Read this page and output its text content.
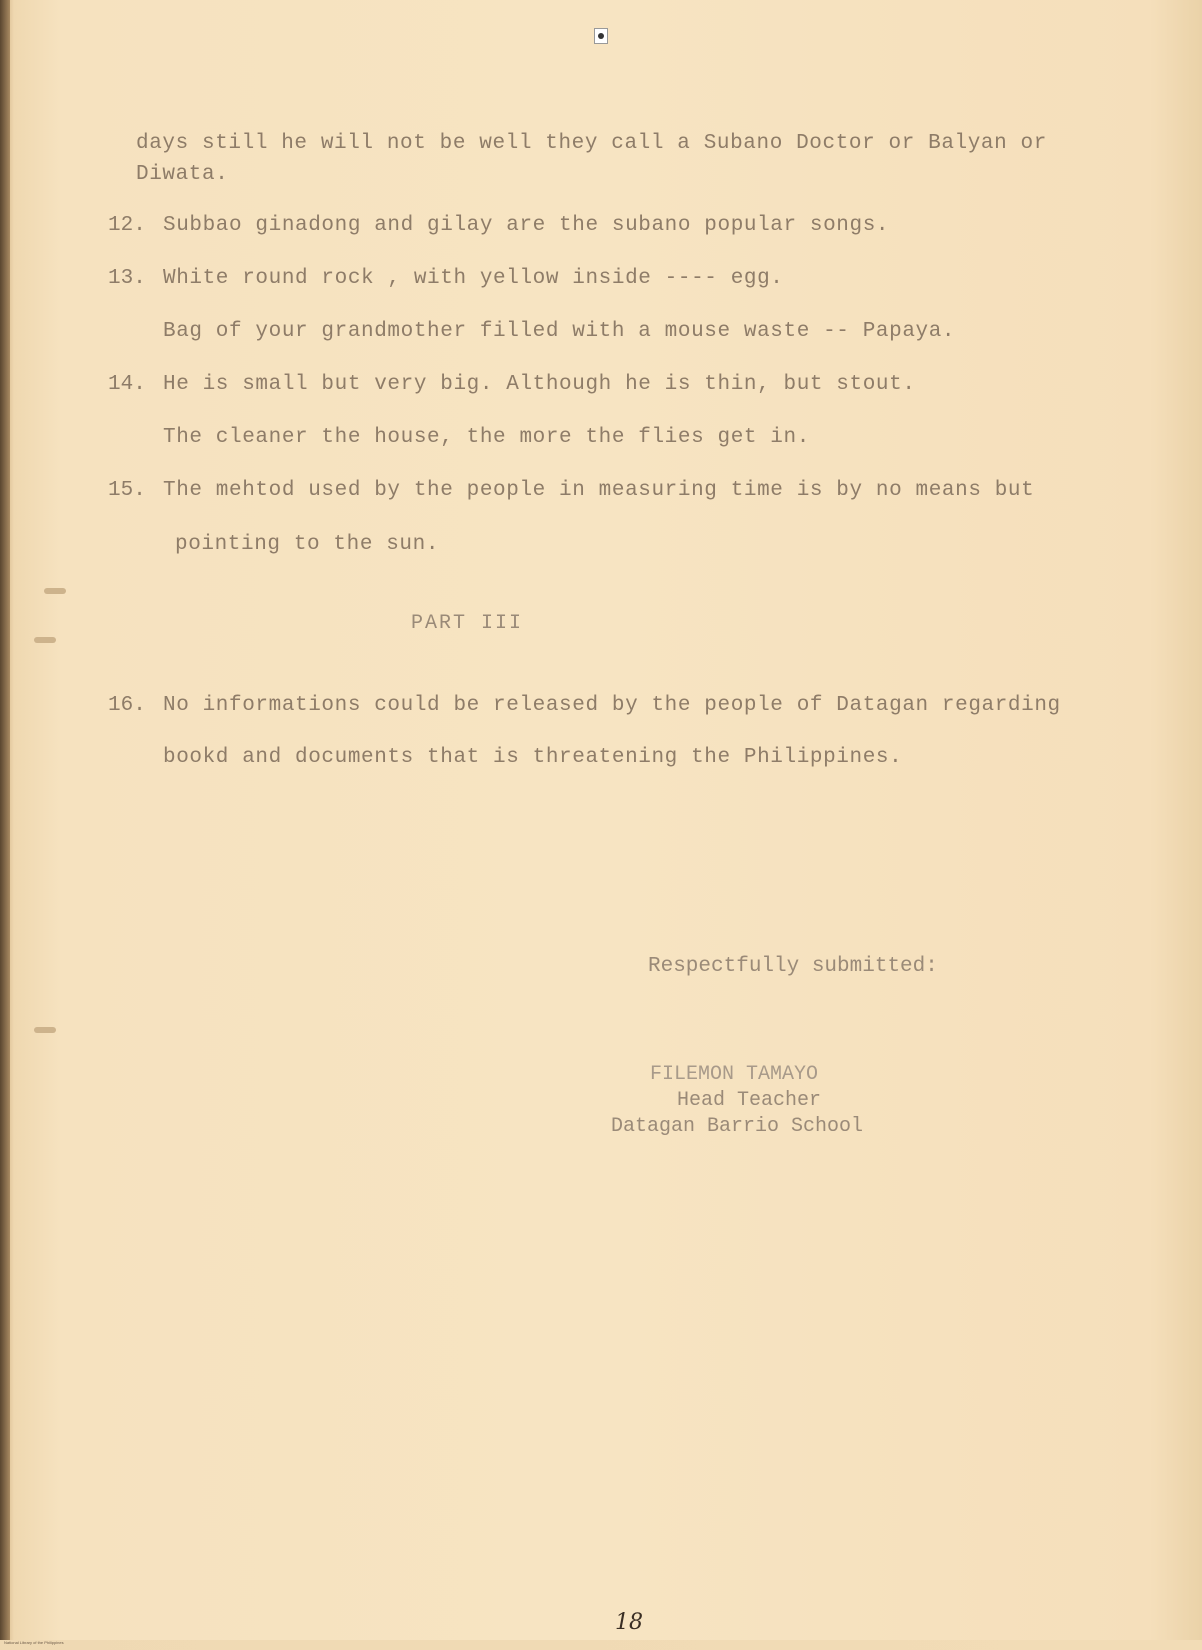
days still he will not be well they call a Subano Doctor or Balyan or
Diwata.
12. Subbao ginadong and gilay are the subano popular songs.
13. White round rock , with yellow inside ---- egg.
Bag of your grandmother filled with a mouse waste -- Papaya.
14. He is small but very big. Although he is thin, but stout.
The cleaner the house, the more the flies get in.
15. The mehtod used by the people in measuring time is by no means but
pointing to the sun.
PART III
16. No informations could be released by the people of Datagan regarding
bookd and documents that is threatening the Philippines.
Respectfully submitted:
FILEMON TAMAYO
Head Teacher
Datagan Barrio School
18
National Library of the Philippines
